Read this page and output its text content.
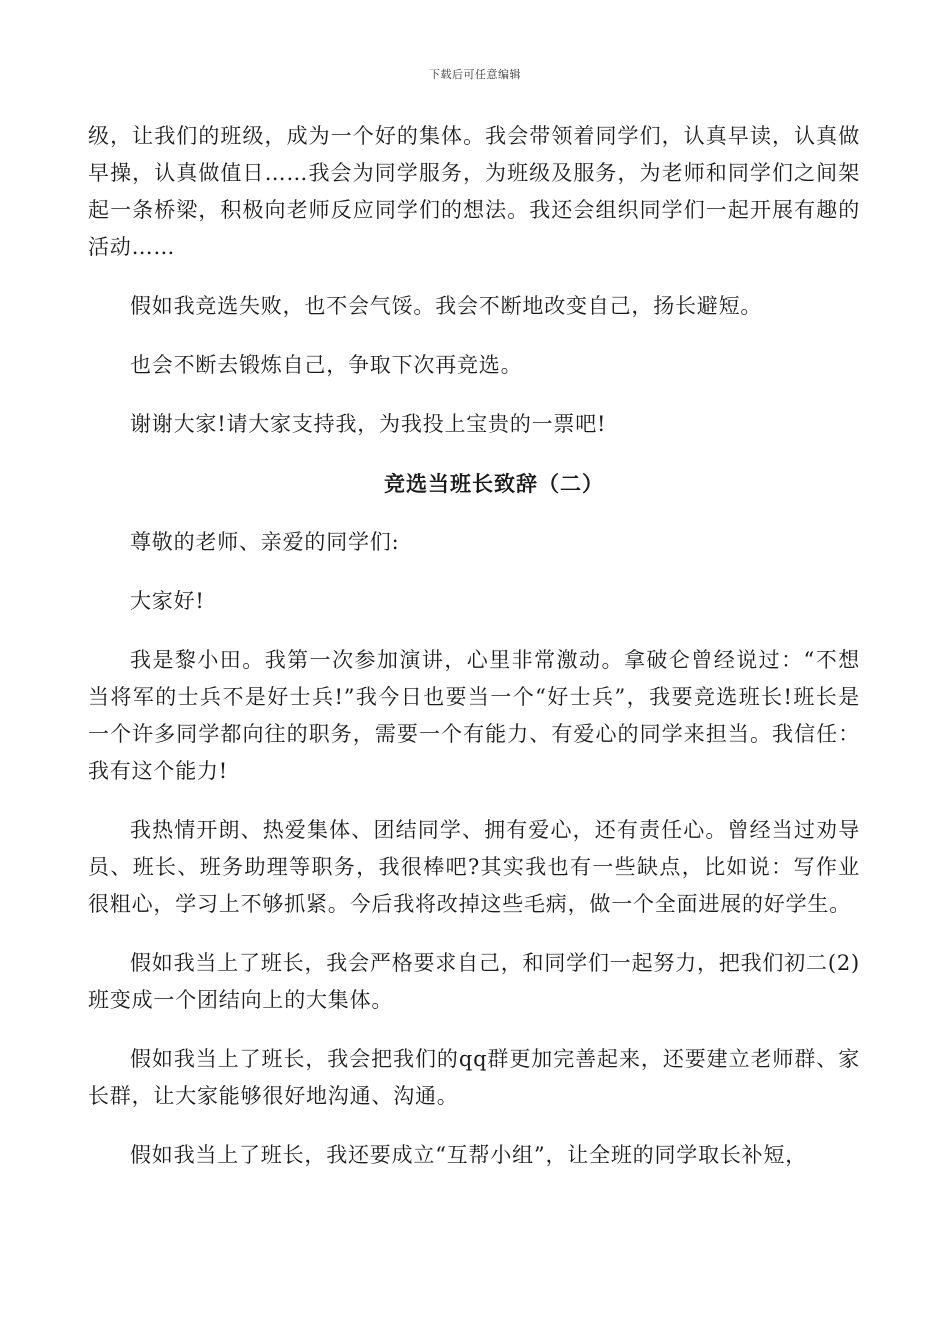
下载后可任意编辑

级，让我们的班级，成为一个好的集体。我会带领着同学们，认真早读，认真做早操，认真做值日……我会为同学服务，为班级及服务，为老师和同学们之间架起一条桥梁，积极向老师反应同学们的想法。我还会组织同学们一起开展有趣的活动……

假如我竞选失败，也不会气馁。我会不断地改变自己，扬长避短。

也会不断去锻炼自己，争取下次再竞选。

谢谢大家!请大家支持我，为我投上宝贵的一票吧!

竞选当班长致辞（二）

尊敬的老师、亲爱的同学们:

大家好!

我是黎小田。我第一次参加演讲，心里非常激动。拿破仑曾经说过：“不想当将军的士兵不是好士兵!”我今日也要当一个“好士兵”，我要竞选班长!班长是一个许多同学都向往的职务，需要一个有能力、有爱心的同学来担当。我信任：我有这个能力!

我热情开朗、热爱集体、团结同学、拥有爱心，还有责任心。曾经当过劝导员、班长、班务助理等职务，我很棒吧?其实我也有一些缺点，比如说：写作业很粗心，学习上不够抓紧。今后我将改掉这些毛病，做一个全面进展的好学生。

假如我当上了班长，我会严格要求自己，和同学们一起努力，把我们初二(2)班变成一个团结向上的大集体。

假如我当上了班长，我会把我们的qq群更加完善起来，还要建立老师群、家长群，让大家能够很好地沟通、沟通。

假如我当上了班长，我还要成立“互帮小组”，让全班的同学取长补短，
